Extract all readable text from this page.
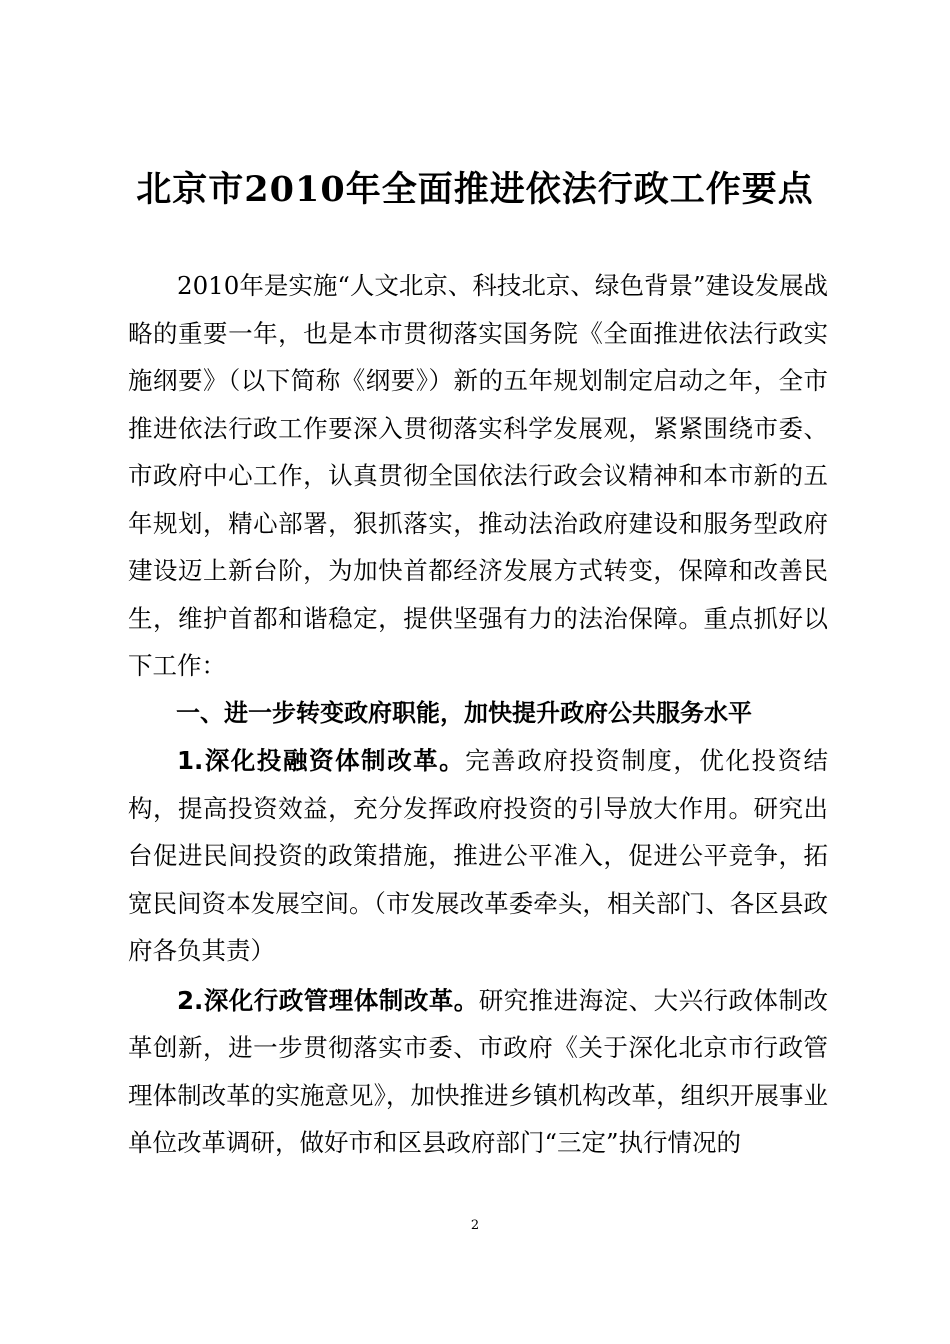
北京市2010年全面推进依法行政工作要点

2010年是实施“人文北京、科技北京、绿色背景”建设发展战略的重要一年，也是本市贯彻落实国务院《全面推进依法行政实施纲要》（以下简称《纲要》）新的五年规划制定启动之年，全市推进依法行政工作要深入贯彻落实科学发展观，紧紧围绕市委、市政府中心工作，认真贯彻全国依法行政会议精神和本市新的五年规划，精心部署，狠抓落实，推动法治政府建设和服务型政府建设迈上新台阶，为加快首都经济发展方式转变，保障和改善民生，维护首都和谐稳定，提供坚强有力的法治保障。重点抓好以下工作：

一、进一步转变政府职能，加快提升政府公共服务水平

1.深化投融资体制改革。完善政府投资制度，优化投资结构，提高投资效益，充分发挥政府投资的引导放大作用。研究出台促进民间投资的政策措施，推进公平准入，促进公平竞争，拓宽民间资本发展空间。（市发展改革委牵头，相关部门、各区县政府各负其责）

2.深化行政管理体制改革。研究推进海淀、大兴行政体制改革创新，进一步贯彻落实市委、市政府《关于深化北京市行政管理体制改革的实施意见》，加快推进乡镇机构改革，组织开展事业单位改革调研，做好市和区县政府部门“三定”执行情况的

2
